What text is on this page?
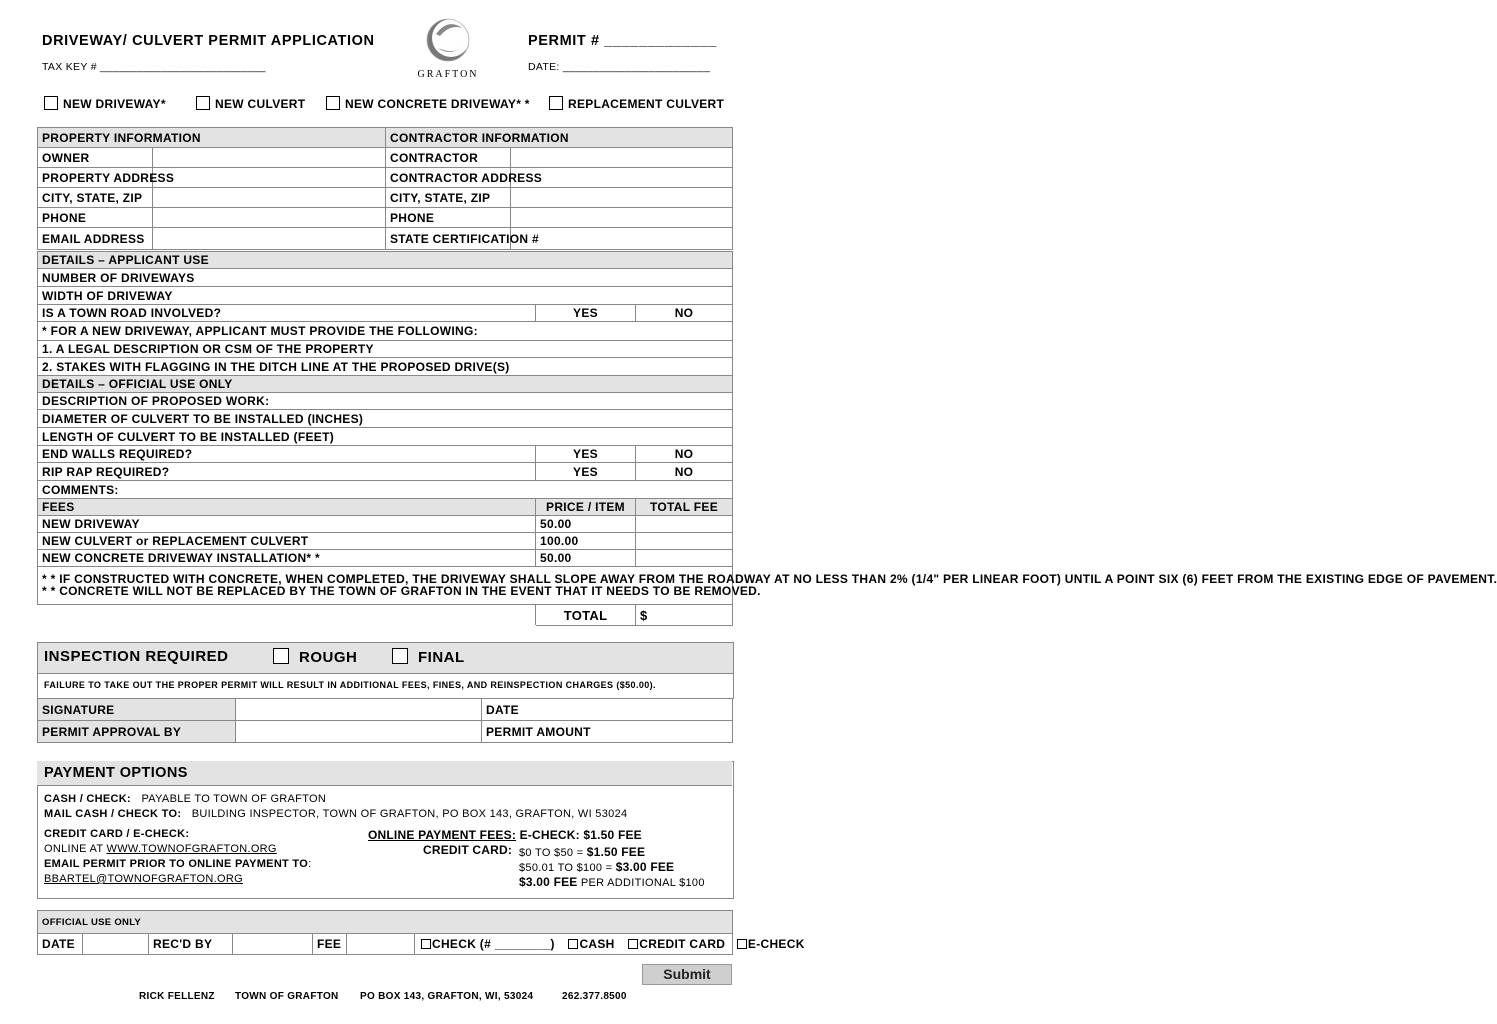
DRIVEWAY/ CULVERT PERMIT APPLICATION	PERMIT # _____________
TAX KEY # ___________________________	DATE: ________________________
GRAFTON
NEW DRIVEWAY*	NEW CULVERT	NEW CONCRETE DRIVEWAY* *	REPLACEMENT CULVERT
PROPERTY INFORMATION		CONTRACTOR INFORMATION	
OWNER		CONTRACTOR	
PROPERTY ADDRESS		CONTRACTOR ADDRESS	
CITY, STATE, ZIP		CITY, STATE, ZIP	
PHONE		PHONE	
EMAIL ADDRESS		STATE CERTIFICATION #	
DETAILS – APPLICANT USE		
NUMBER OF DRIVEWAYS		
WIDTH OF DRIVEWAY		
IS A TOWN ROAD INVOLVED?	YES	NO
* FOR A NEW DRIVEWAY, APPLICANT MUST PROVIDE THE FOLLOWING:		
1. A LEGAL DESCRIPTION OR CSM OF THE PROPERTY		
2. STAKES WITH FLAGGING IN THE DITCH LINE AT THE PROPOSED DRIVE(S)		
DETAILS – OFFICIAL USE ONLY		
DESCRIPTION OF PROPOSED WORK:		
DIAMETER OF CULVERT TO BE INSTALLED (INCHES)		
LENGTH OF CULVERT TO BE INSTALLED (FEET)		
END WALLS REQUIRED?	YES	NO
RIP RAP REQUIRED?	YES	NO
COMMENTS:		
FEES	PRICE / ITEM	TOTAL FEE
NEW DRIVEWAY	50.00	
NEW CULVERT or REPLACEMENT CULVERT	100.00	
NEW CONCRETE DRIVEWAY INSTALLATION* *	50.00	

* * IF CONSTRUCTED WITH CONCRETE, WHEN COMPLETED, THE DRIVEWAY SHALL SLOPE AWAY FROM THE ROADWAY AT NO LESS THAN 2% (1/4" PER LINEAR FOOT) UNTIL A POINT SIX (6) FEET FROM THE EXISTING EDGE OF PAVEMENT.
* * CONCRETE WILL NOT BE REPLACED BY THE TOWN OF GRAFTON IN THE EVENT THAT IT NEEDS TO BE REMOVED.		

	TOTAL	$
INSPECTION REQUIRED	ROUGH	FINAL
FAILURE TO TAKE OUT THE PROPER PERMIT WILL RESULT IN ADDITIONAL FEES, FINES, AND REINSPECTION CHARGES ($50.00).
SIGNATURE		DATE
PERMIT APPROVAL BY		PERMIT AMOUNT
PAYMENT OPTIONS
CASH / CHECK: PAYABLE TO TOWN OF GRAFTON
MAIL CASH / CHECK TO: BUILDING INSPECTOR, TOWN OF GRAFTON, PO BOX 143, GRAFTON, WI 53024
CREDIT CARD / E-CHECK:
ONLINE AT WWW.TOWNOFGRAFTON.ORG
EMAIL PERMIT PRIOR TO ONLINE PAYMENT TO:
BBARTEL@TOWNOFGRAFTON.ORG
ONLINE PAYMENT FEES: E-CHECK: $1.50 FEE
CREDIT CARD: $0 TO $50 = $1.50 FEE
$50.01 TO $100 = $3.00 FEE
$3.00 FEE PER ADDITIONAL $100
OFFICIAL USE ONLY
DATE		REC'D BY		FEE		CHECK (# ________) CASH CREDIT CARD E-CHECK
Submit
RICK FELLENZ TOWN OF GRAFTON PO BOX 143, GRAFTON, WI, 53024	262.377.8500
